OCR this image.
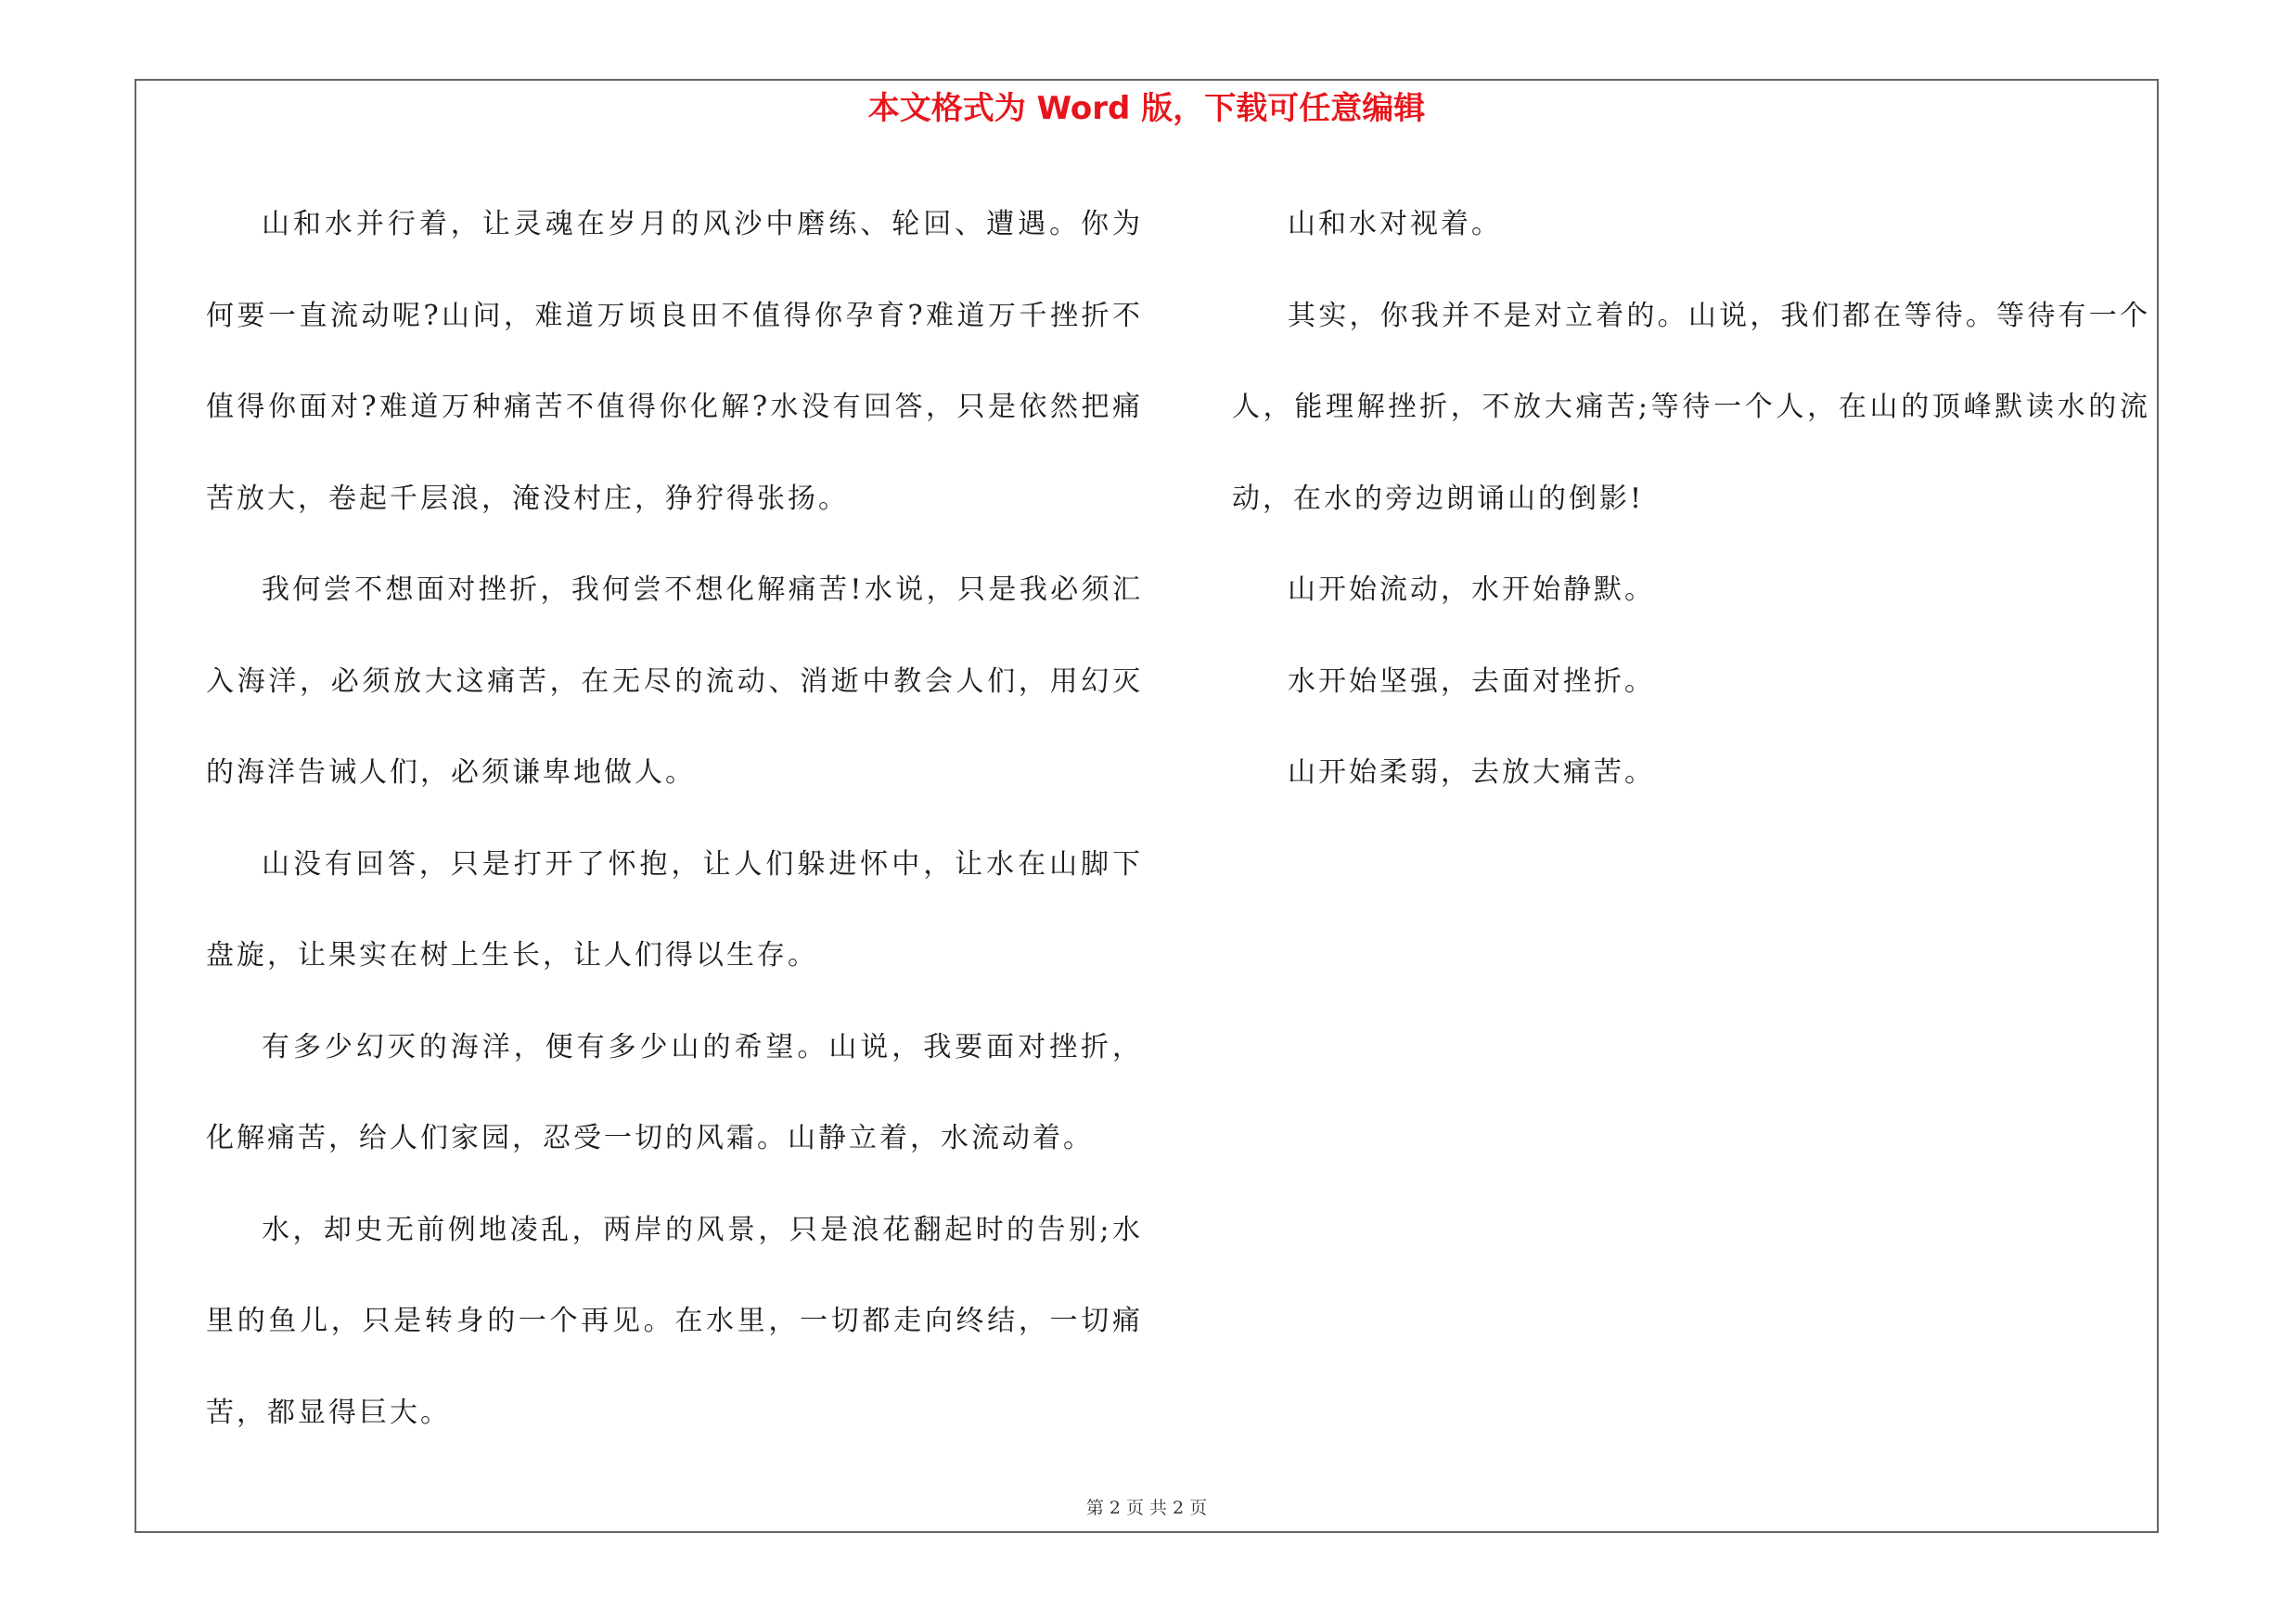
本文格式为 Word 版，下载可任意编辑

山和水并行着，让灵魂在岁月的风沙中磨练、轮回、遭遇。你为何要一直流动呢?山问，难道万顷良田不值得你孕育?难道万千挫折不值得你面对?难道万种痛苦不值得你化解?水没有回答，只是依然把痛苦放大，卷起千层浪，淹没村庄，狰狞得张扬。

我何尝不想面对挫折，我何尝不想化解痛苦!水说，只是我必须汇入海洋，必须放大这痛苦，在无尽的流动、消逝中教会人们，用幻灭的海洋告诫人们，必须谦卑地做人。

山没有回答，只是打开了怀抱，让人们躲进怀中，让水在山脚下盘旋，让果实在树上生长，让人们得以生存。

有多少幻灭的海洋，便有多少山的希望。山说，我要面对挫折，化解痛苦，给人们家园，忍受一切的风霜。山静立着，水流动着。

水，却史无前例地凌乱，两岸的风景，只是浪花翻起时的告别;水里的鱼儿，只是转身的一个再见。在水里，一切都走向终结，一切痛苦，都显得巨大。

山和水对视着。

其实，你我并不是对立着的。山说，我们都在等待。等待有一个人，能理解挫折，不放大痛苦;等待一个人，在山的顶峰默读水的流动，在水的旁边朗诵山的倒影!

山开始流动，水开始静默。

水开始坚强，去面对挫折。

山开始柔弱，去放大痛苦。

第 2 页 共 2 页
